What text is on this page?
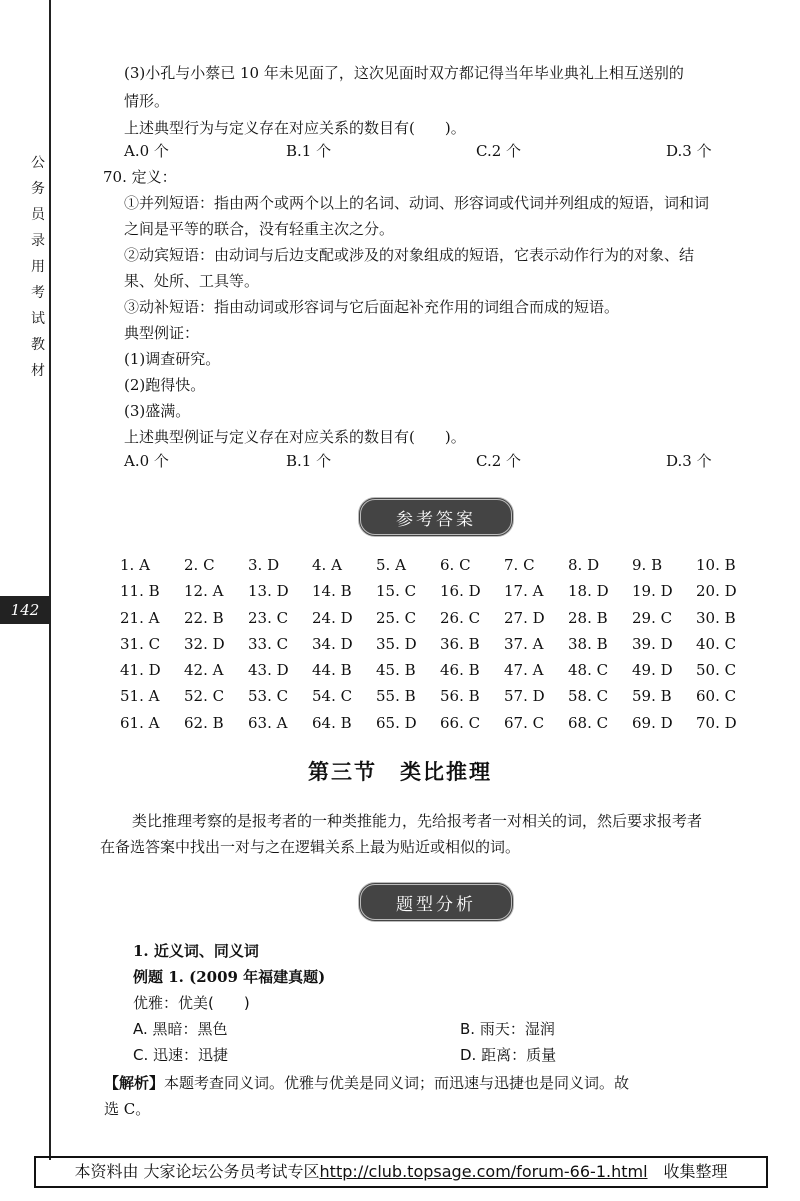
公务员录用考试教材
142
(3)小孔与小蔡已 10 年未见面了，这次见面时双方都记得当年毕业典礼上相互送别的
情形。
上述典型行为与定义存在对应关系的数目有(　　)。
A.0 个	B.1 个	C.2 个	D.3 个
70. 定义：
①并列短语：指由两个或两个以上的名词、动词、形容词或代词并列组成的短语，词和词
之间是平等的联合，没有轻重主次之分。
②动宾短语：由动词与后边支配或涉及的对象组成的短语，它表示动作行为的对象、结
果、处所、工具等。
③动补短语：指由动词或形容词与它后面起补充作用的词组合而成的短语。
典型例证：
(1)调查研究。
(2)跑得快。
(3)盛满。
上述典型例证与定义存在对应关系的数目有(　　)。
A.0 个	B.1 个	C.2 个	D.3 个
参考答案
1. A	2. C	3. D	4. A	5. A	6. C	7. C	8. D	9. B	10. B
11. B	12. A	13. D	14. B	15. C	16. D	17. A	18. D	19. D	20. D
21. A	22. B	23. C	24. D	25. C	26. C	27. D	28. B	29. C	30. B
31. C	32. D	33. C	34. D	35. D	36. B	37. A	38. B	39. D	40. C
41. D	42. A	43. D	44. B	45. B	46. B	47. A	48. C	49. D	50. C
51. A	52. C	53. C	54. C	55. B	56. B	57. D	58. C	59. B	60. C
61. A	62. B	63. A	64. B	65. D	66. C	67. C	68. C	69. D	70. D
第三节　类比推理
类比推理考察的是报考者的一种类推能力，先给报考者一对相关的词，然后要求报考者
在备选答案中找出一对与之在逻辑关系上最为贴近或相似的词。
题型分析
1. 近义词、同义词
例题 1. (2009 年福建真题)
优雅：优美(　　)
A. 黑暗：黑色	B. 雨天：湿润
C. 迅速：迅捷	D. 距离：质量
【解析】本题考查同义词。优雅与优美是同义词；而迅速与迅捷也是同义词。故
选 C。
本资料由 大家论坛公务员考试专区http://club.topsage.com/forum-66-1.html　收集整理
